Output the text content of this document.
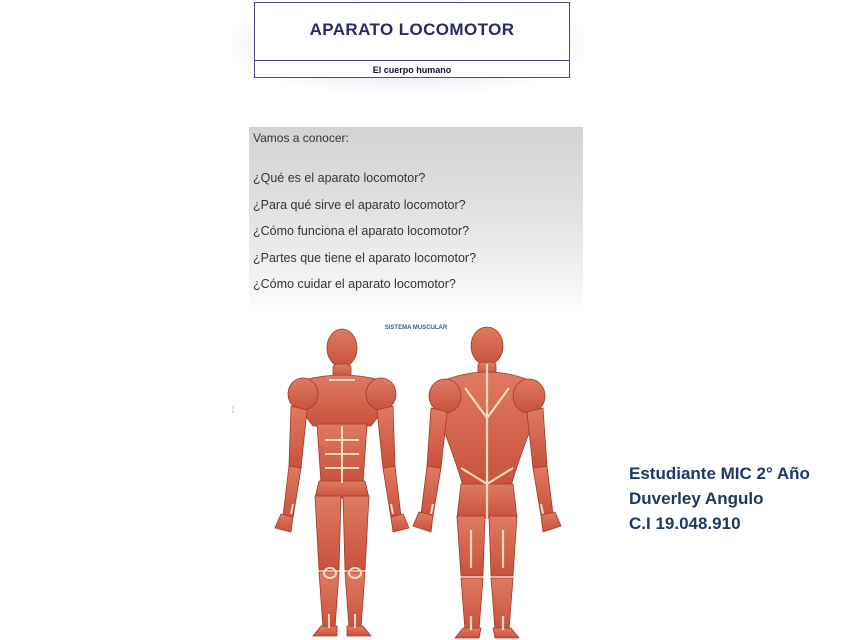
APARATO LOCOMOTOR
El cuerpo humano
Vamos a conocer:
¿Qué es el aparato locomotor?
¿Para qué sirve el aparato locomotor?
¿Cómo funciona el aparato locomotor?
¿Partes que tiene el aparato locomotor?
¿Cómo cuidar el aparato locomotor?
¦
SISTEMA MUSCULAR
Estudiante MIC 2° Año
Duverley Angulo
C.I 19.048.910
